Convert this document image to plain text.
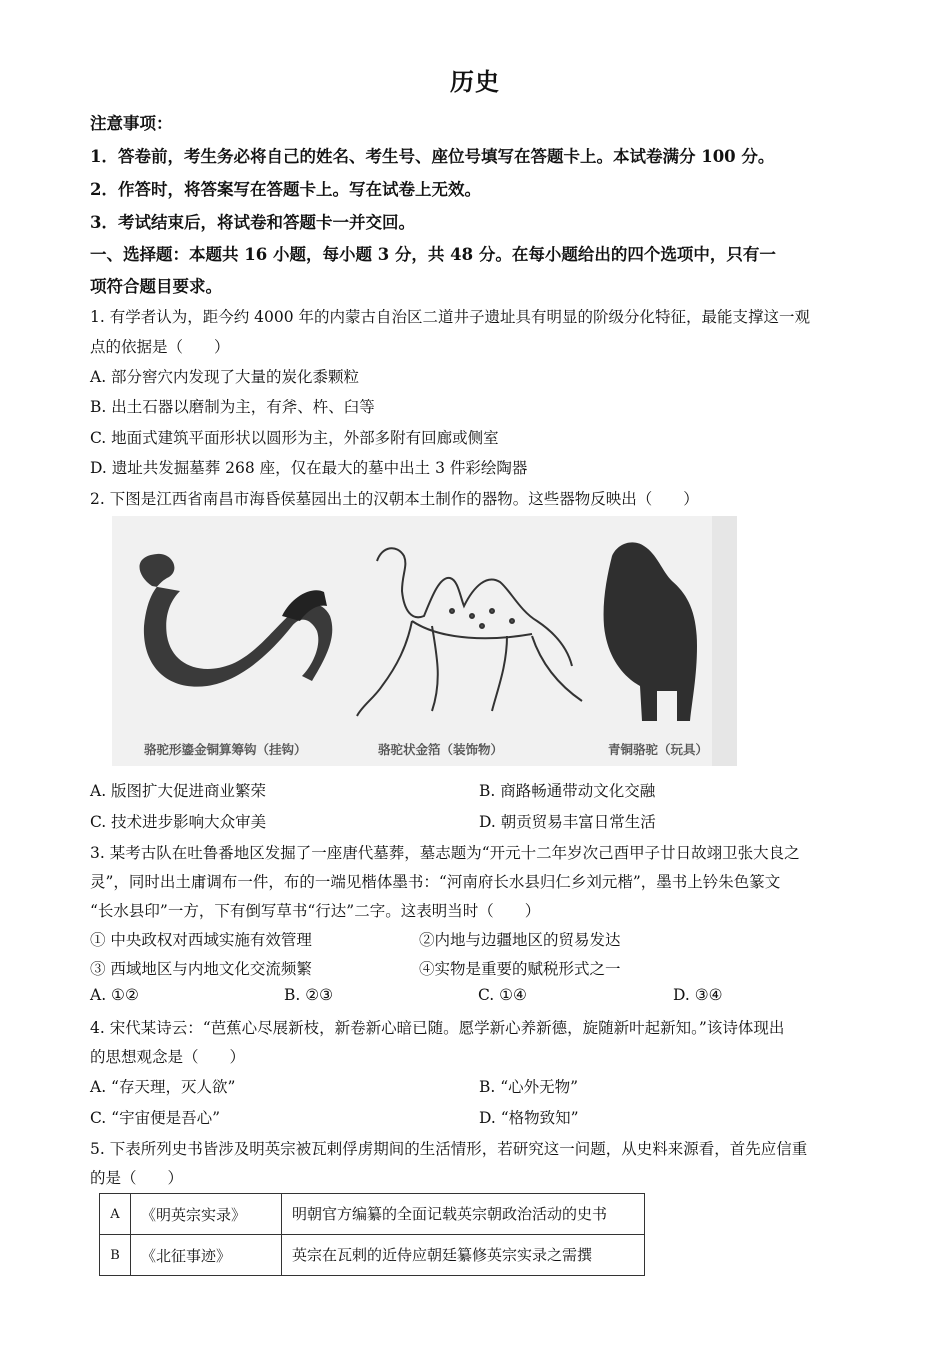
历史
注意事项：
1．答卷前，考生务必将自己的姓名、考生号、座位号填写在答题卡上。本试卷满分 100 分。
2．作答时，将答案写在答题卡上。写在试卷上无效。
3．考试结束后，将试卷和答题卡一并交回。
一、选择题：本题共 16 小题，每小题 3 分，共 48 分。在每小题给出的四个选项中，只有一
项符合题目要求。
1. 有学者认为，距今约 4000 年的内蒙古自治区二道井子遗址具有明显的阶级分化特征，最能支撑这一观
点的依据是（　　）
A. 部分窖穴内发现了大量的炭化黍颗粒
B. 出土石器以磨制为主，有斧、杵、臼等
C. 地面式建筑平面形状以圆形为主，外部多附有回廊或侧室
D. 遗址共发掘墓葬 268 座，仅在最大的墓中出土 3 件彩绘陶器
2. 下图是江西省南昌市海昏侯墓园出土的汉朝本土制作的器物。这些器物反映出（　　）
骆驼形鎏金铜算筹钩（挂钩）	骆驼状金箔（装饰物）	青铜骆驼（玩具）
A. 版图扩大促进商业繁荣	B. 商路畅通带动文化交融
C. 技术进步影响大众审美	D. 朝贡贸易丰富日常生活
3. 某考古队在吐鲁番地区发掘了一座唐代墓葬，墓志题为“开元十二年岁次己酉甲子廿日故翊卫张大良之
灵”，同时出土庸调布一件，布的一端见楷体墨书：“河南府长水县归仁乡刘元楷”，墨书上钤朱色篆文
“长水县印”一方，下有倒写草书“行达”二字。这表明当时（　　）
① 中央政权对西域实施有效管理	②内地与边疆地区的贸易发达
③ 西域地区与内地文化交流频繁	④实物是重要的赋税形式之一
A. ①②	B. ②③	C. ①④	D. ③④
4. 宋代某诗云：“芭蕉心尽展新枝，新卷新心暗已随。愿学新心养新德，旋随新叶起新知。”该诗体现出
的思想观念是（　　）
A. “存天理，灭人欲”	B. “心外无物”
C. “宇宙便是吾心”	D. “格物致知”
5. 下表所列史书皆涉及明英宗被瓦剌俘虏期间的生活情形，若研究这一问题，从史料来源看，首先应信重
的是（　　）
A	《明英宗实录》	明朝官方编纂的全面记载英宗朝政治活动的史书
B	《北征事迹》	英宗在瓦剌的近侍应朝廷纂修英宗实录之需撰
